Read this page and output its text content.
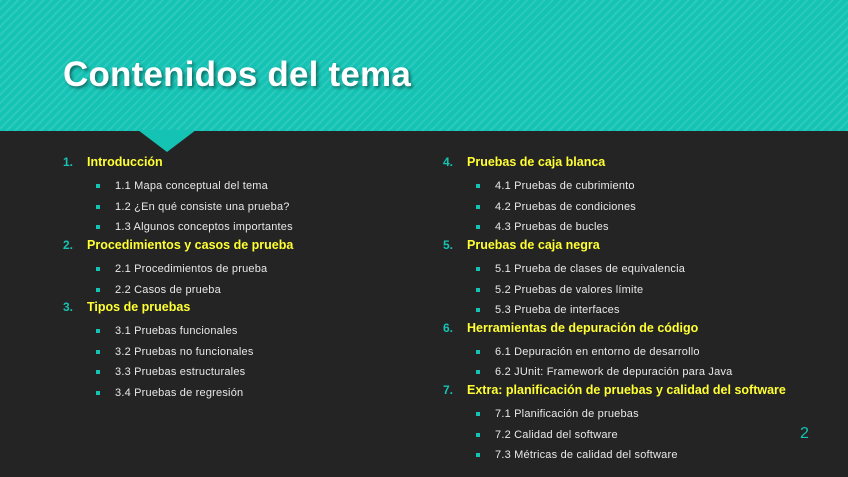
Contenidos del tema
1.	Introducción
1.1 Mapa conceptual del tema
1.2 ¿En qué consiste una prueba?
1.3 Algunos conceptos importantes
2.	Procedimientos y casos de prueba
2.1 Procedimientos de prueba
2.2 Casos de prueba
3.	Tipos de pruebas
3.1 Pruebas funcionales
3.2 Pruebas no funcionales
3.3 Pruebas estructurales
3.4 Pruebas de regresión
4.	Pruebas de caja blanca
4.1 Pruebas de cubrimiento
4.2 Pruebas de condiciones
4.3 Pruebas de bucles
5.	Pruebas de caja negra
5.1 Prueba de clases de equivalencia
5.2 Pruebas de valores límite
5.3 Prueba de interfaces
6.	Herramientas de depuración de código
6.1 Depuración en entorno de desarrollo
6.2 JUnit: Framework de depuración para Java
7.	Extra: planificación de pruebas y calidad del software
7.1 Planificación de pruebas
7.2 Calidad del software
7.3 Métricas de calidad del software
2
